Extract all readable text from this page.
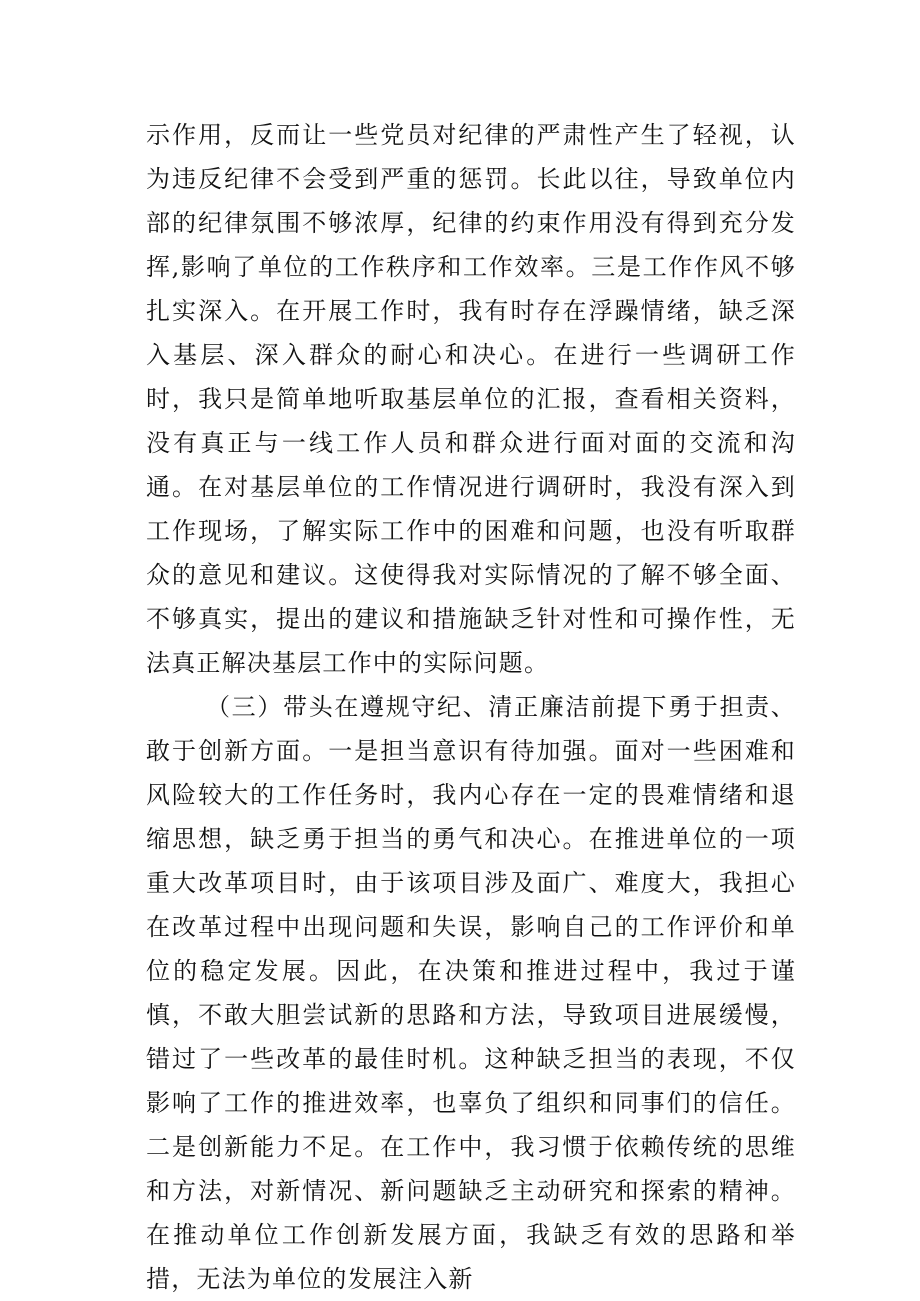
示作用，反而让一些党员对纪律的严肃性产生了轻视，认为违反纪律不会受到严重的惩罚。长此以往，导致单位内部的纪律氛围不够浓厚，纪律的约束作用没有得到充分发挥,影响了单位的工作秩序和工作效率。三是工作作风不够扎实深入。在开展工作时，我有时存在浮躁情绪，缺乏深入基层、深入群众的耐心和决心。在进行一些调研工作时，我只是简单地听取基层单位的汇报，查看相关资料，没有真正与一线工作人员和群众进行面对面的交流和沟通。在对基层单位的工作情况进行调研时，我没有深入到工作现场，了解实际工作中的困难和问题，也没有听取群众的意见和建议。这使得我对实际情况的了解不够全面、不够真实，提出的建议和措施缺乏针对性和可操作性，无法真正解决基层工作中的实际问题。

（三）带头在遵规守纪、清正廉洁前提下勇于担责、敢于创新方面。一是担当意识有待加强。面对一些困难和风险较大的工作任务时，我内心存在一定的畏难情绪和退缩思想，缺乏勇于担当的勇气和决心。在推进单位的一项重大改革项目时，由于该项目涉及面广、难度大，我担心在改革过程中出现问题和失误，影响自己的工作评价和单位的稳定发展。因此，在决策和推进过程中，我过于谨慎，不敢大胆尝试新的思路和方法，导致项目进展缓慢，错过了一些改革的最佳时机。这种缺乏担当的表现，不仅影响了工作的推进效率，也辜负了组织和同事们的信任。二是创新能力不足。在工作中，我习惯于依赖传统的思维和方法，对新情况、新问题缺乏主动研究和探索的精神。在推动单位工作创新发展方面，我缺乏有效的思路和举措，无法为单位的发展注入新
